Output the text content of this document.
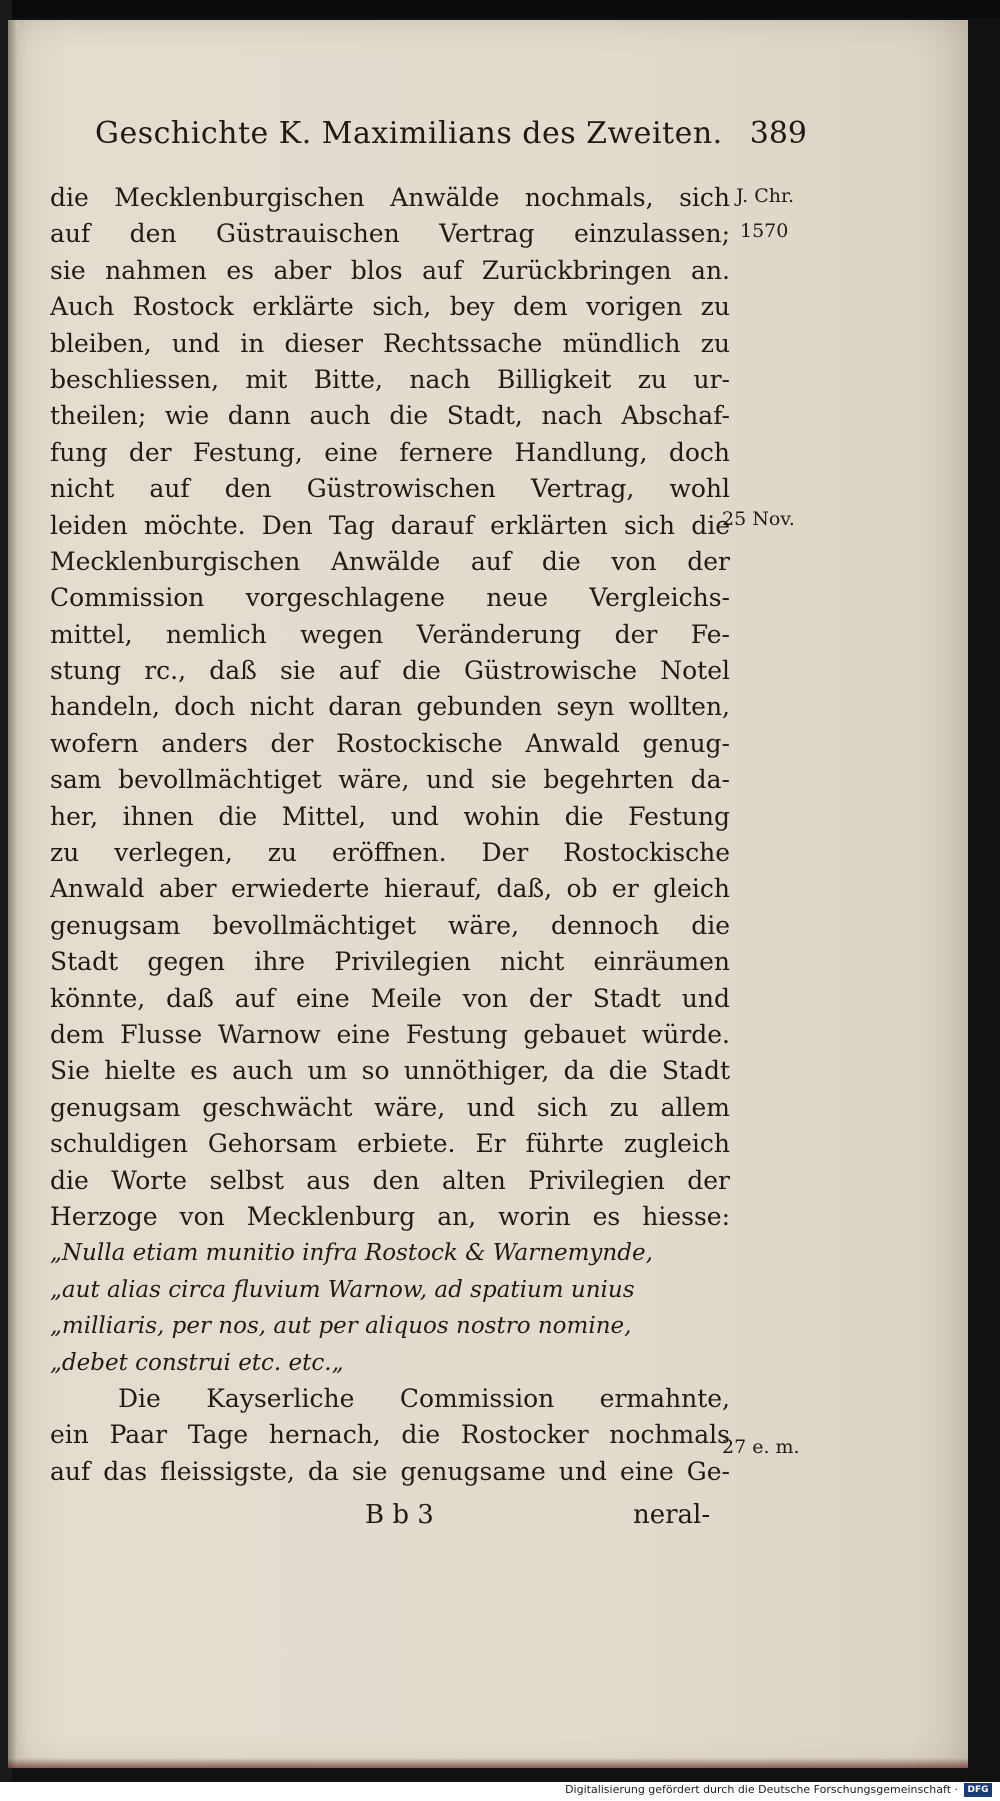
Geschichte K. Maximilians des Zweiten. 389
die Mecklenburgischen Anwälde nochmals, sich
auf den Güstrauischen Vertrag einzulassen;
sie nahmen es aber blos auf Zurückbringen an.
Auch Rostock erklärte sich, bey dem vorigen zu
bleiben, und in dieser Rechtssache mündlich zu
beschliessen, mit Bitte, nach Billigkeit zu ur-
theilen; wie dann auch die Stadt, nach Abschaf-
fung der Festung, eine fernere Handlung, doch
nicht auf den Güstrowischen Vertrag, wohl
leiden möchte. Den Tag darauf erklärten sich die
Mecklenburgischen Anwälde auf die von der
Commission vorgeschlagene neue Vergleichs-
mittel, nemlich wegen Veränderung der Fe-
stung rc., daß sie auf die Güstrowische Notel
handeln, doch nicht daran gebunden seyn wollten,
wofern anders der Rostockische Anwald genug-
sam bevollmächtiget wäre, und sie begehrten da-
her, ihnen die Mittel, und wohin die Festung
zu verlegen, zu eröffnen. Der Rostockische
Anwald aber erwiederte hierauf, daß, ob er gleich
genugsam bevollmächtiget wäre, dennoch die
Stadt gegen ihre Privilegien nicht einräumen
könnte, daß auf eine Meile von der Stadt und
dem Flusse Warnow eine Festung gebauet würde.
Sie hielte es auch um so unnöthiger, da die Stadt
genugsam geschwächt wäre, und sich zu allem
schuldigen Gehorsam erbiete. Er führte zugleich
die Worte selbst aus den alten Privilegien der
Herzoge von Mecklenburg an, worin es hiesse:
„Nulla etiam munitio infra Rostock & Warnemynde,
„aut alias circa fluvium Warnow, ad spatium unius
„milliaris, per nos, aut per aliquos nostro nomine,
„debet construi etc. etc.„
Die Kayserliche Commission ermahnte,
ein Paar Tage hernach, die Rostocker nochmals
auf das fleissigste, da sie genugsame und eine Ge-
J. Chr.
1570
25 Nov.
27 e. m.
B b 3	neral-
Digitalisierung gefördert durch die Deutsche Forschungsgemeinschaft ·	DFG
